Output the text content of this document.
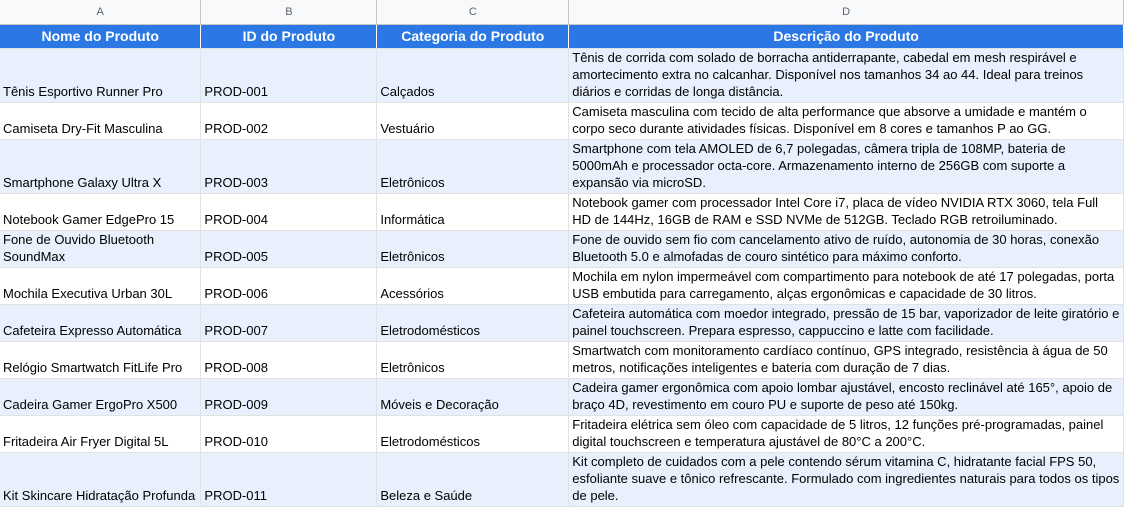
A	B	C	D
Nome do Produto	ID do Produto	Categoria do Produto	Descrição do Produto
Tênis Esportivo Runner Pro	PROD-001	Calçados	Tênis de corrida com solado de borracha antiderrapante, cabedal em mesh respirável e amortecimento extra no calcanhar. Disponível nos tamanhos 34 ao 44. Ideal para treinos diários e corridas de longa distância.
Camiseta Dry-Fit Masculina	PROD-002	Vestuário	Camiseta masculina com tecido de alta performance que absorve a umidade e mantém o corpo seco durante atividades físicas. Disponível em 8 cores e tamanhos P ao GG.
Smartphone Galaxy Ultra X	PROD-003	Eletrônicos	Smartphone com tela AMOLED de 6,7 polegadas, câmera tripla de 108MP, bateria de 5000mAh e processador octa-core. Armazenamento interno de 256GB com suporte a expansão via microSD.
Notebook Gamer EdgePro 15	PROD-004	Informática	Notebook gamer com processador Intel Core i7, placa de vídeo NVIDIA RTX 3060, tela Full HD de 144Hz, 16GB de RAM e SSD NVMe de 512GB. Teclado RGB retroiluminado.
Fone de Ouvido Bluetooth SoundMax	PROD-005	Eletrônicos	Fone de ouvido sem fio com cancelamento ativo de ruído, autonomia de 30 horas, conexão Bluetooth 5.0 e almofadas de couro sintético para máximo conforto.
Mochila Executiva Urban 30L	PROD-006	Acessórios	Mochila em nylon impermeável com compartimento para notebook de até 17 polegadas, porta USB embutida para carregamento, alças ergonômicas e capacidade de 30 litros.
Cafeteira Expresso Automática	PROD-007	Eletrodomésticos	Cafeteira automática com moedor integrado, pressão de 15 bar, vaporizador de leite giratório e painel touchscreen. Prepara espresso, cappuccino e latte com facilidade.
Relógio Smartwatch FitLife Pro	PROD-008	Eletrônicos	Smartwatch com monitoramento cardíaco contínuo, GPS integrado, resistência à água de 50 metros, notificações inteligentes e bateria com duração de 7 dias.
Cadeira Gamer ErgoPro X500	PROD-009	Móveis e Decoração	Cadeira gamer ergonômica com apoio lombar ajustável, encosto reclinável até 165°, apoio de braço 4D, revestimento em couro PU e suporte de peso até 150kg.
Fritadeira Air Fryer Digital 5L	PROD-010	Eletrodomésticos	Fritadeira elétrica sem óleo com capacidade de 5 litros, 12 funções pré-programadas, painel digital touchscreen e temperatura ajustável de 80°C a 200°C.
Kit Skincare Hidratação Profunda	PROD-011	Beleza e Saúde	Kit completo de cuidados com a pele contendo sérum vitamina C, hidratante facial FPS 50, esfoliante suave e tônico refrescante. Formulado com ingredientes naturais para todos os tipos de pele.
